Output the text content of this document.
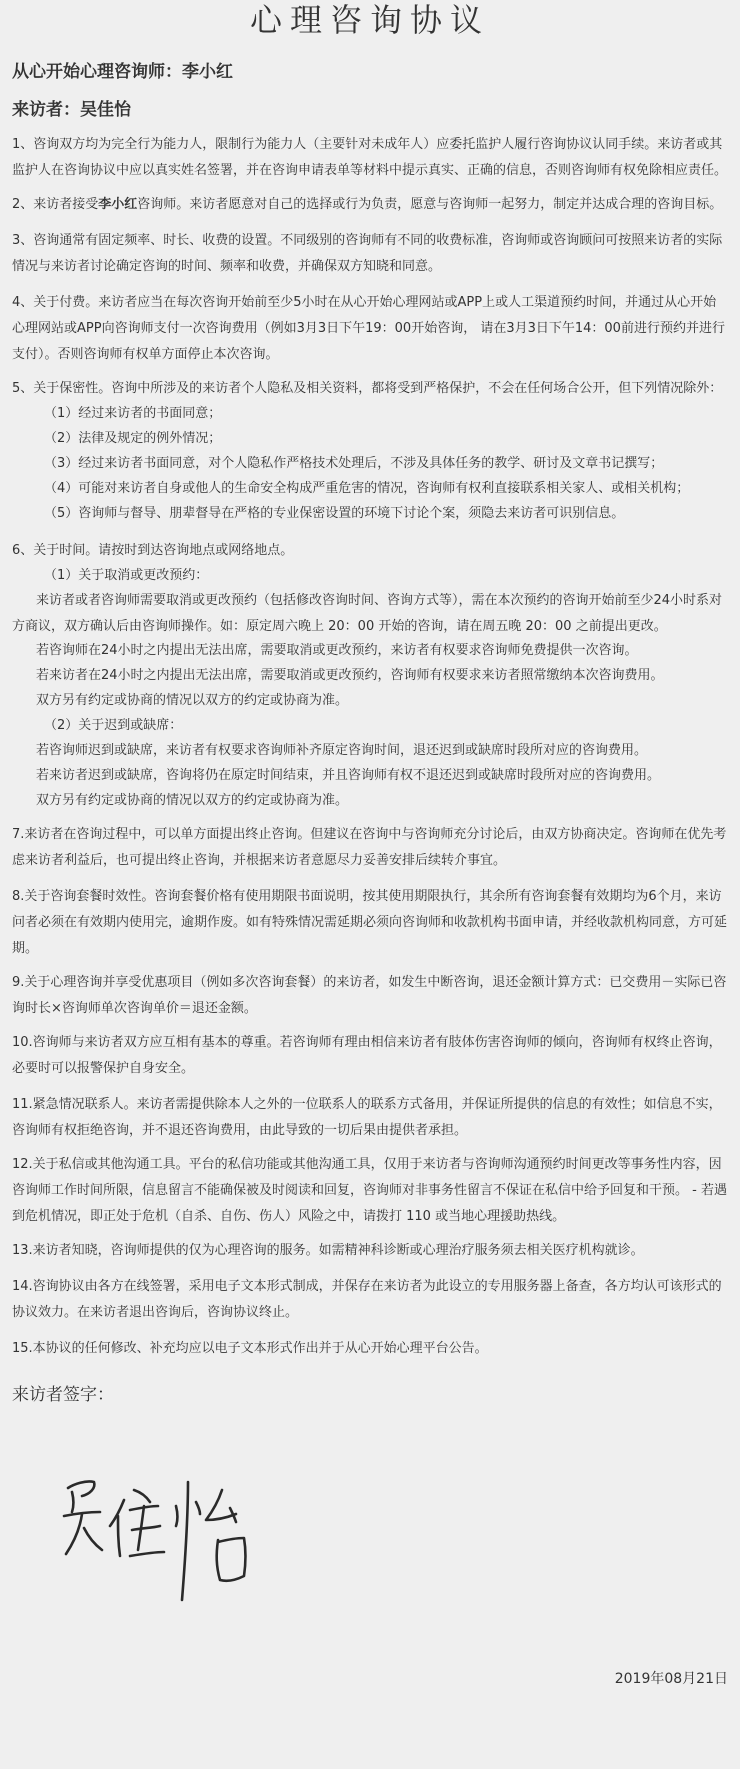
心理咨询协议
从心开始心理咨询师：李小红
来访者：吴佳怡

1、咨询双方均为完全行为能力人，限制行为能力人（主要针对未成年人）应委托监护人履行咨询协议认同手续。来访者或其监护人在咨询协议中应以真实姓名签署，并在咨询申请表单等材料中提示真实、正确的信息，否则咨询师有权免除相应责任。

2、来访者接受李小红咨询师。来访者愿意对自己的选择或行为负责，愿意与咨询师一起努力，制定并达成合理的咨询目标。

3、咨询通常有固定频率、时长、收费的设置。不同级别的咨询师有不同的收费标准，咨询师或咨询顾问可按照来访者的实际情况与来访者讨论确定咨询的时间、频率和收费，并确保双方知晓和同意。

4、关于付费。来访者应当在每次咨询开始前至少5小时在从心开始心理网站或APP上或人工渠道预约时间，并通过从心开始心理网站或APP向咨询师支付一次咨询费用（例如3月3日下午19：00开始咨询， 请在3月3日下午14：00前进行预约并进行支付）。否则咨询师有权单方面停止本次咨询。

5、关于保密性。咨询中所涉及的来访者个人隐私及相关资料，都将受到严格保护，不会在任何场合公开，但下列情况除外：

（1）经过来访者的书面同意；
（2）法律及规定的例外情况；
（3）经过来访者书面同意，对个人隐私作严格技术处理后，不涉及具体任务的教学、研讨及文章书记撰写；
（4）可能对来访者自身或他人的生命安全构成严重危害的情况，咨询师有权利直接联系相关家人、或相关机构；
（5）咨询师与督导、朋辈督导在严格的专业保密设置的环境下讨论个案，须隐去来访者可识别信息。

6、关于时间。请按时到达咨询地点或网络地点。

（1）关于取消或更改预约：

来访者或者咨询师需要取消或更改预约（包括修改咨询时间、咨询方式等），需在本次预约的咨询开始前至少24小时系对方商议，双方确认后由咨询师操作。如：原定周六晚上 20：00 开始的咨询，请在周五晚 20：00 之前提出更改。

若咨询师在24小时之内提出无法出席，需要取消或更改预约，来访者有权要求咨询师免费提供一次咨询。
若来访者在24小时之内提出无法出席，需要取消或更改预约，咨询师有权要求来访者照常缴纳本次咨询费用。
双方另有约定或协商的情况以双方的约定或协商为准。
（2）关于迟到或缺席：
若咨询师迟到或缺席，来访者有权要求咨询师补齐原定咨询时间，退还迟到或缺席时段所对应的咨询费用。
若来访者迟到或缺席，咨询将仍在原定时间结束，并且咨询师有权不退还迟到或缺席时段所对应的咨询费用。
双方另有约定或协商的情况以双方的约定或协商为准。

7.来访者在咨询过程中，可以单方面提出终止咨询。但建议在咨询中与咨询师充分讨论后，由双方协商决定。咨询师在优先考虑来访者利益后，也可提出终止咨询，并根据来访者意愿尽力妥善安排后续转介事宜。

8.关于咨询套餐时效性。咨询套餐价格有使用期限书面说明，按其使用期限执行，其余所有咨询套餐有效期均为6个月，来访问者必须在有效期内使用完，逾期作废。如有特殊情况需延期必须向咨询师和收款机构书面申请，并经收款机构同意，方可延期。

9.关于心理咨询并享受优惠项目（例如多次咨询套餐）的来访者，如发生中断咨询，退还金额计算方式：已交费用－实际已咨询时长×咨询师单次咨询单价＝退还金额。

10.咨询师与来访者双方应互相有基本的尊重。若咨询师有理由相信来访者有肢体伤害咨询师的倾向，咨询师有权终止咨询，必要时可以报警保护自身安全。

11.紧急情况联系人。来访者需提供除本人之外的一位联系人的联系方式备用，并保证所提供的信息的有效性；如信息不实，咨询师有权拒绝咨询，并不退还咨询费用，由此导致的一切后果由提供者承担。

12.关于私信或其他沟通工具。平台的私信功能或其他沟通工具，仅用于来访者与咨询师沟通预约时间更改等事务性内容，因咨询师工作时间所限，信息留言不能确保被及时阅读和回复，咨询师对非事务性留言不保证在私信中给予回复和干预。 - 若遇到危机情况，即正处于危机（自杀、自伤、伤人）风险之中，请拨打 110 或当地心理援助热线。

13.来访者知晓，咨询师提供的仅为心理咨询的服务。如需精神科诊断或心理治疗服务须去相关医疗机构就诊。

14.咨询协议由各方在线签署，采用电子文本形式制成，并保存在来访者为此设立的专用服务器上备查，各方均认可该形式的协议效力。在来访者退出咨询后，咨询协议终止。

15.本协议的任何修改、补充均应以电子文本形式作出并于从心开始心理平台公告。

来访者签字：
2019年08月21日
